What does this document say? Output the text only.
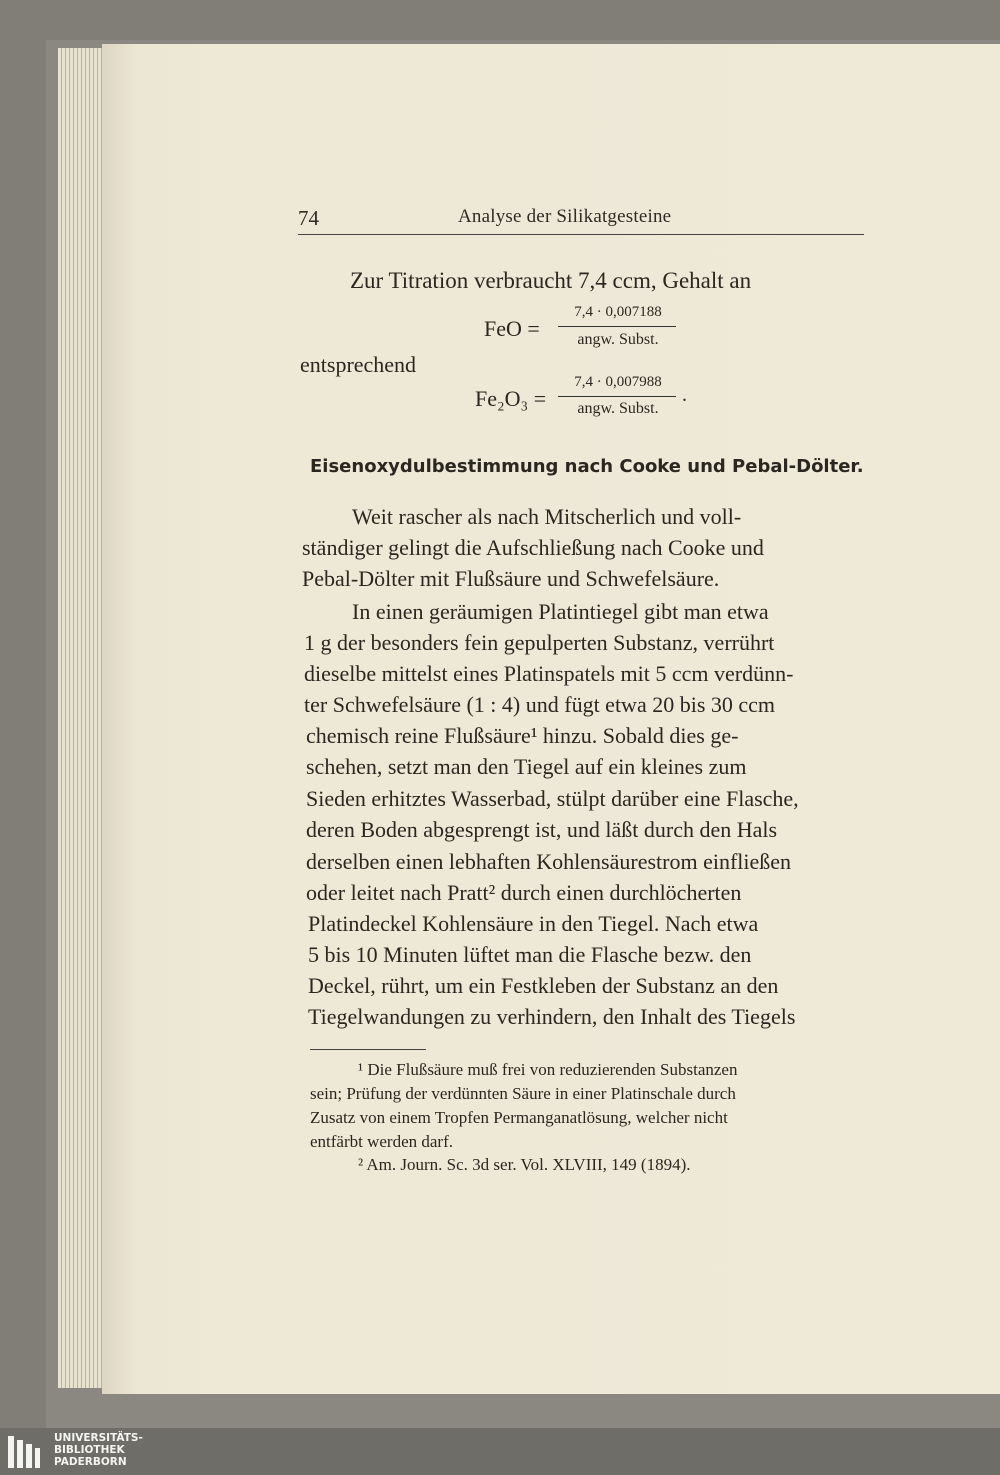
74	Analyse der Silikatgesteine
Zur Titration verbraucht 7,4 ccm, Gehalt an
FeO =
7,4 · 0,007188
angw. Subst.
entsprechend
Fe₂O₃ =
7,4 · 0,007988
angw. Subst.
.
Eisenoxydulbestimmung nach Cooke und Pebal-Dölter.
Weit rascher als nach Mitscherlich und voll-
ständiger gelingt die Aufschließung nach Cooke und
Pebal-Dölter mit Flußsäure und Schwefelsäure.
In einen geräumigen Platintiegel gibt man etwa
1 g der besonders fein gepulperten Substanz, verrührt
dieselbe mittelst eines Platinspatels mit 5 ccm verdünn-
ter Schwefelsäure (1 : 4) und fügt etwa 20 bis 30 ccm
chemisch reine Flußsäure¹ hinzu. Sobald dies ge-
schehen, setzt man den Tiegel auf ein kleines zum
Sieden erhitztes Wasserbad, stülpt darüber eine Flasche,
deren Boden abgesprengt ist, und läßt durch den Hals
derselben einen lebhaften Kohlensäurestrom einfließen
oder leitet nach Pratt² durch einen durchlöcherten
Platindeckel Kohlensäure in den Tiegel. Nach etwa
5 bis 10 Minuten lüftet man die Flasche bezw. den
Deckel, rührt, um ein Festkleben der Substanz an den
Tiegelwandungen zu verhindern, den Inhalt des Tiegels
¹ Die Flußsäure muß frei von reduzierenden Substanzen
sein; Prüfung der verdünnten Säure in einer Platinschale durch
Zusatz von einem Tropfen Permanganatlösung, welcher nicht
entfärbt werden darf.
² Am. Journ. Sc. 3d ser. Vol. XLVIII, 149 (1894).
UNIVERSITÄTS-
BIBLIOTHEK
PADERBORN
